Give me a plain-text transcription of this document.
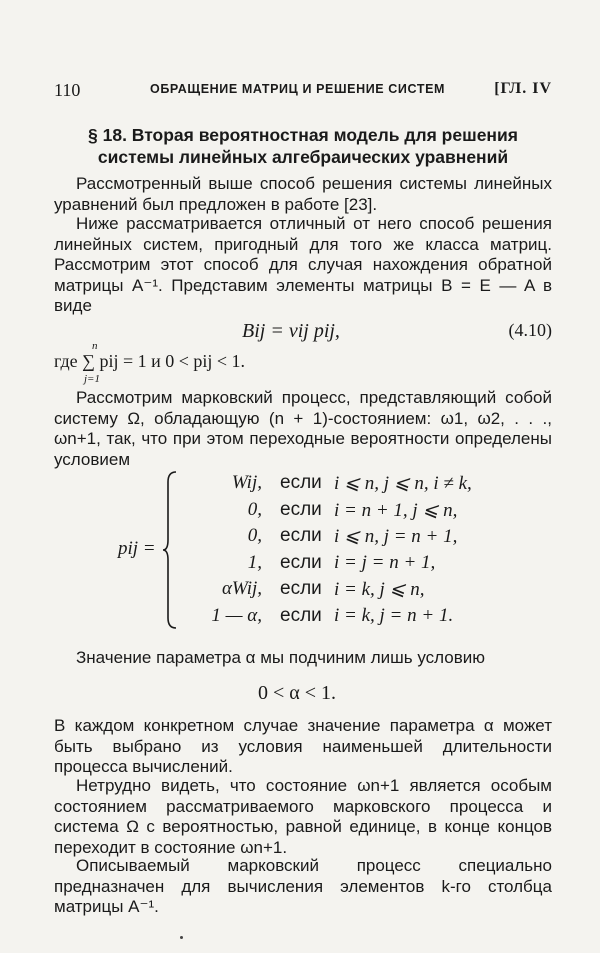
110	ОБРАЩЕНИЕ МАТРИЦ И РЕШЕНИЕ СИСТЕМ	[ГЛ. IV
§ 18. Вторая вероятностная модель для решения
системы линейных алгебраических уравнений

Рассмотренный выше способ решения системы линейных уравнений был предложен в работе [23].

Ниже рассматривается отличный от него способ решения линейных систем, пригодный для того же класса матриц. Рассмотрим этот способ для случая нахождения обратной матрицы A⁻¹. Представим элементы матрицы B = E — A в виде

Bij = vij pij,	(4.10)
n
где ∑ pij = 1 и 0 < pij < 1.
j=1

Рассмотрим марковский процесс, представляющий собой систему Ω, обладающую (n + 1)-состоянием: ω1, ω2, . . ., ωn+1, так, что при этом переходные вероятности определены условием

pij =
Wij, если i ⩽ n, j ⩽ n, i ≠ k,
0, если i = n + 1, j ⩽ n,
0, если i ⩽ n, j = n + 1,
1, если i = j = n + 1,
αWij, если i = k, j ⩽ n,
1 — α, если i = k, j = n + 1.

Значение параметра α мы подчиним лишь условию

0 < α < 1.

В каждом конкретном случае значение параметра α может быть выбрано из условия наименьшей длительности процесса вычислений.

Нетрудно видеть, что состояние ωn+1 является особым состоянием рассматриваемого марковского процесса и система Ω с вероятностью, равной единице, в конце концов переходит в состояние ωn+1.

Описываемый марковский процесс специально предназначен для вычисления элементов k-го столбца матрицы A⁻¹.
